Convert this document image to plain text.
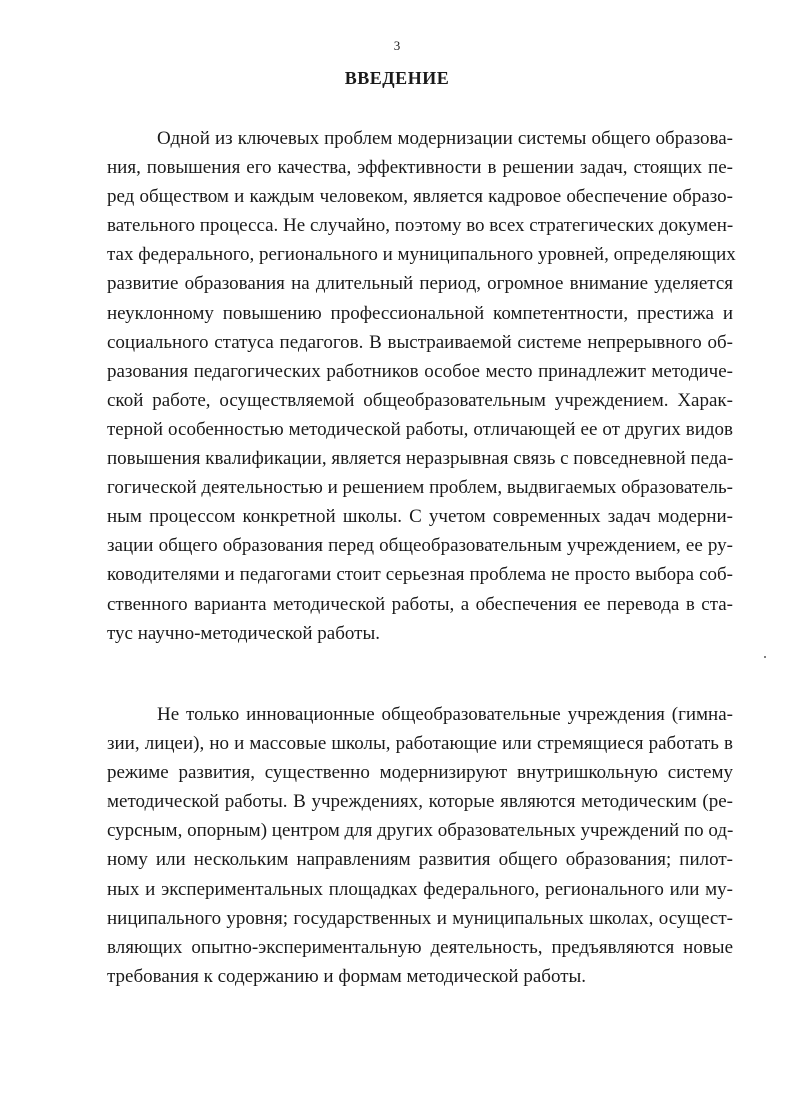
3
ВВЕДЕНИЕ
Одной из ключевых проблем модернизации системы общего образова-
ния, повышения его качества, эффективности в решении задач, стоящих пе-
ред обществом и каждым человеком, является кадровое обеспечение образо-
вательного процесса. Не случайно, поэтому во всех стратегических докумен-
тах федерального, регионального и муниципального уровней, определяющих
развитие образования на длительный период, огромное внимание уделяется
неуклонному повышению профессиональной компетентности, престижа и
социального статуса педагогов. В выстраиваемой системе непрерывного об-
разования педагогических работников особое место принадлежит методиче-
ской работе, осуществляемой общеобразовательным учреждением. Харак-
терной особенностью методической работы, отличающей ее от других видов
повышения квалификации, является неразрывная связь с повседневной педа-
гогической деятельностью и решением проблем, выдвигаемых образователь-
ным процессом конкретной школы. С учетом современных задач модерни-
зации общего образования перед общеобразовательным учреждением, ее ру-
ководителями и педагогами стоит серьезная проблема не просто выбора соб-
ственного варианта методической работы, а обеспечения ее перевода в ста-
тус научно-методической работы.
Не только инновационные общеобразовательные учреждения (гимна-
зии, лицеи), но и массовые школы, работающие или стремящиеся работать в
режиме развития, существенно модернизируют внутришкольную систему
методической работы. В учреждениях, которые являются методическим (ре-
сурсным, опорным) центром для других образовательных учреждений по од-
ному или нескольким направлениям развития общего образования; пилот-
ных и экспериментальных площадках федерального, регионального или му-
ниципального уровня; государственных и муниципальных школах, осущест-
вляющих опытно-экспериментальную деятельность, предъявляются новые
требования к содержанию и формам методической работы.
